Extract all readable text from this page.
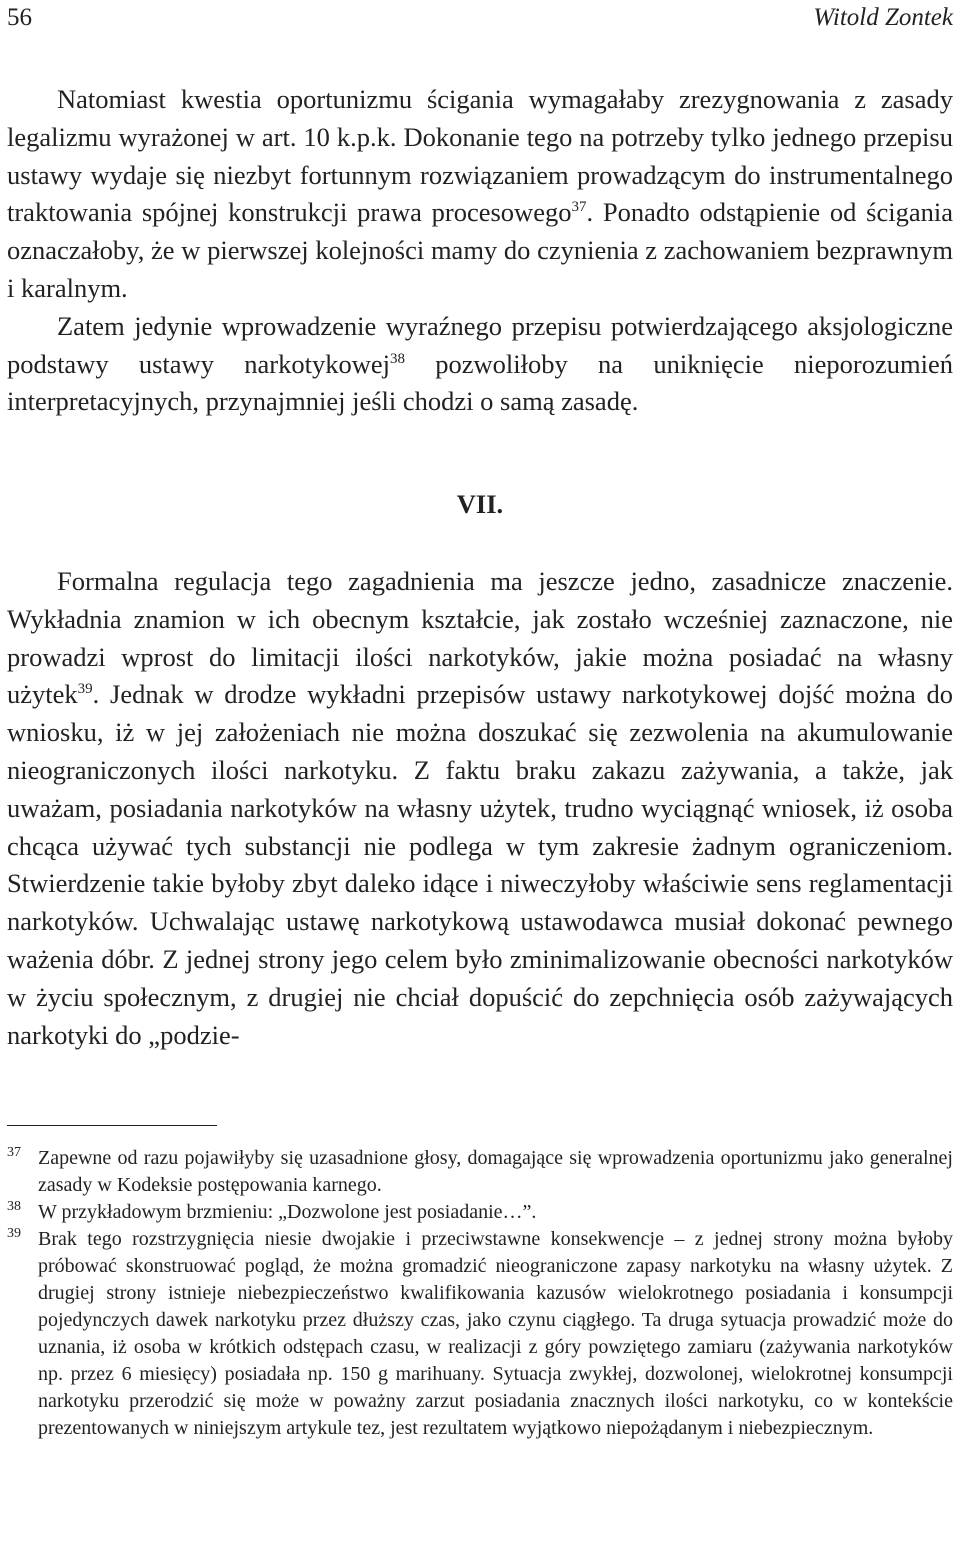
56	Witold Zontek

Natomiast kwestia oportunizmu ścigania wymagałaby zrezygnowania z zasady legalizmu wyrażonej w art. 10 k.p.k. Dokonanie tego na potrzeby tylko jednego przepisu ustawy wydaje się niezbyt fortunnym rozwiązaniem prowadzącym do instrumentalnego traktowania spójnej konstrukcji prawa procesowego$^{37}$. Ponadto odstąpienie od ścigania oznaczałoby, że w pierwszej kolejności mamy do czynienia z zachowaniem bezprawnym i karalnym.

Zatem jedynie wprowadzenie wyraźnego przepisu potwierdzającego aksjologiczne podstawy ustawy narkotykowej$^{38}$ pozwoliłoby na uniknięcie nieporozumień interpretacyjnych, przynajmniej jeśli chodzi o samą zasadę.

VII.

Formalna regulacja tego zagadnienia ma jeszcze jedno, zasadnicze znaczenie. Wykładnia znamion w ich obecnym kształcie, jak zostało wcześniej zaznaczone, nie prowadzi wprost do limitacji ilości narkotyków, jakie można posiadać na własny użytek$^{39}$. Jednak w drodze wykładni przepisów ustawy narkotykowej dojść można do wniosku, iż w jej założeniach nie można doszukać się zezwolenia na akumulowanie nieograniczonych ilości narkotyku. Z faktu braku zakazu zażywania, a także, jak uważam, posiadania narkotyków na własny użytek, trudno wyciągnąć wniosek, iż osoba chcąca używać tych substancji nie podlega w tym zakresie żadnym ograniczeniom. Stwierdzenie takie byłoby zbyt daleko idące i niweczyłoby właściwie sens reglamentacji narkotyków. Uchwalając ustawę narkotykową ustawodawca musiał dokonać pewnego ważenia dóbr. Z jednej strony jego celem było zminimalizowanie obecności narkotyków w życiu społecznym, z drugiej nie chciał dopuścić do zepchnięcia osób zażywających narkotyki do „podzie-

37 Zapewne od razu pojawiłyby się uzasadnione głosy, domagające się wprowadzenia oportunizmu jako generalnej zasady w Kodeksie postępowania karnego.

38 W przykładowym brzmieniu: „Dozwolone jest posiadanie…”.

39 Brak tego rozstrzygnięcia niesie dwojakie i przeciwstawne konsekwencje – z jednej strony można byłoby próbować skonstruować pogląd, że można gromadzić nieograniczone zapasy narkotyku na własny użytek. Z drugiej strony istnieje niebezpieczeństwo kwalifikowania kazusów wielokrotnego posiadania i konsumpcji pojedynczych dawek narkotyku przez dłuższy czas, jako czynu ciągłego. Ta druga sytuacja prowadzić może do uznania, iż osoba w krótkich odstępach czasu, w realizacji z góry powziętego zamiaru (zażywania narkotyków np. przez 6 miesięcy) posiadała np. 150 g marihuany. Sytuacja zwykłej, dozwolonej, wielokrotnej konsumpcji narkotyku przerodzić się może w poważny zarzut posiadania znacznych ilości narkotyku, co w kontekście prezentowanych w niniejszym artykule tez, jest rezultatem wyjątkowo niepożądanym i niebezpiecznym.
